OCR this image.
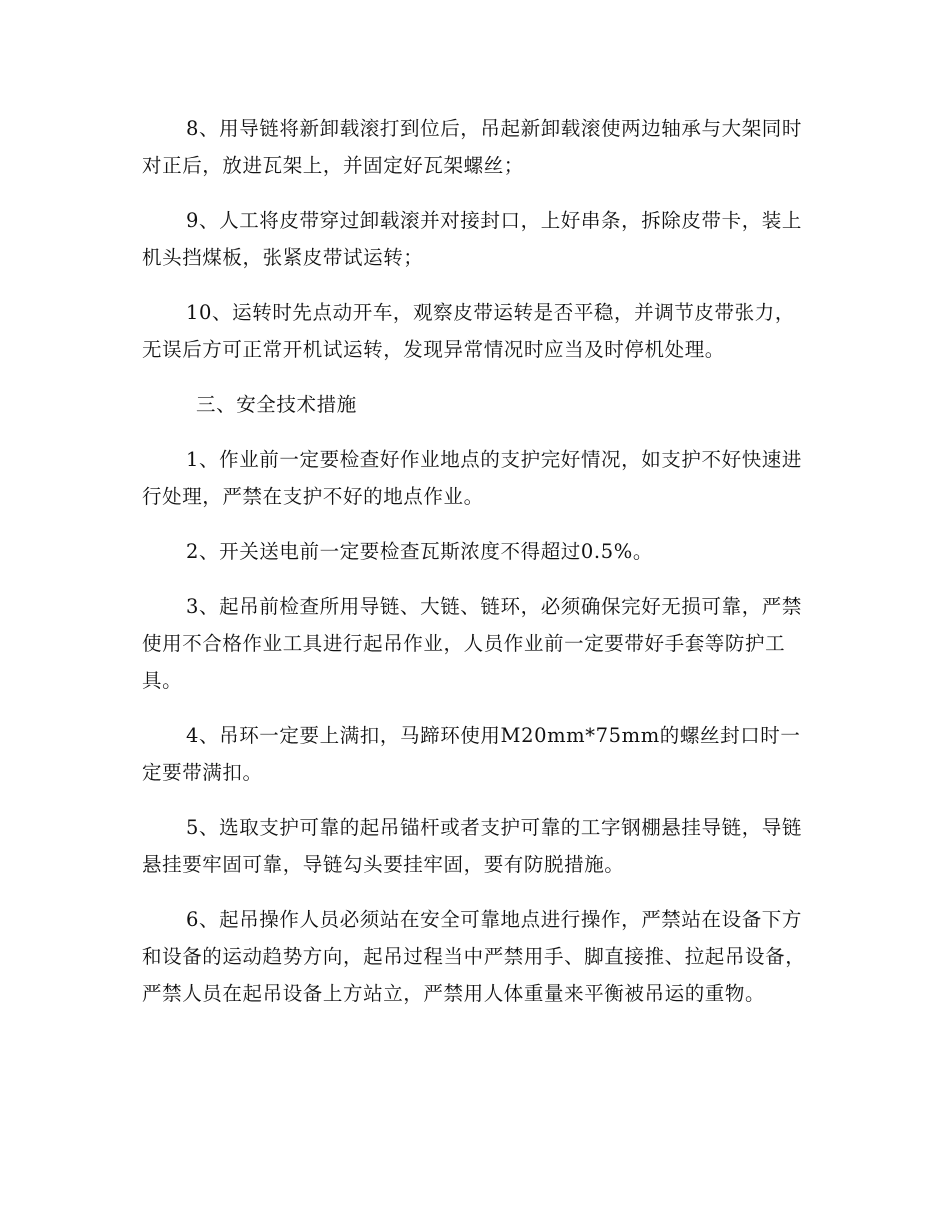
8、用导链将新卸载滚打到位后，吊起新卸载滚使两边轴承与大架同时对正后，放进瓦架上，并固定好瓦架螺丝；

9、人工将皮带穿过卸载滚并对接封口，上好串条，拆除皮带卡，装上机头挡煤板，张紧皮带试运转；

10、运转时先点动开车，观察皮带运转是否平稳，并调节皮带张力，无误后方可正常开机试运转，发现异常情况时应当及时停机处理。

三、安全技术措施

1、作业前一定要检查好作业地点的支护完好情况，如支护不好快速进行处理，严禁在支护不好的地点作业。

2、开关送电前一定要检查瓦斯浓度不得超过0.5%。

3、起吊前检查所用导链、大链、链环，必须确保完好无损可靠，严禁使用不合格作业工具进行起吊作业，人员作业前一定要带好手套等防护工具。

4、吊环一定要上满扣，马蹄环使用M20mm*75mm的螺丝封口时一定要带满扣。

5、选取支护可靠的起吊锚杆或者支护可靠的工字钢棚悬挂导链，导链悬挂要牢固可靠，导链勾头要挂牢固，要有防脱措施。

6、起吊操作人员必须站在安全可靠地点进行操作，严禁站在设备下方和设备的运动趋势方向，起吊过程当中严禁用手、脚直接推、拉起吊设备，严禁人员在起吊设备上方站立，严禁用人体重量来平衡被吊运的重物。
